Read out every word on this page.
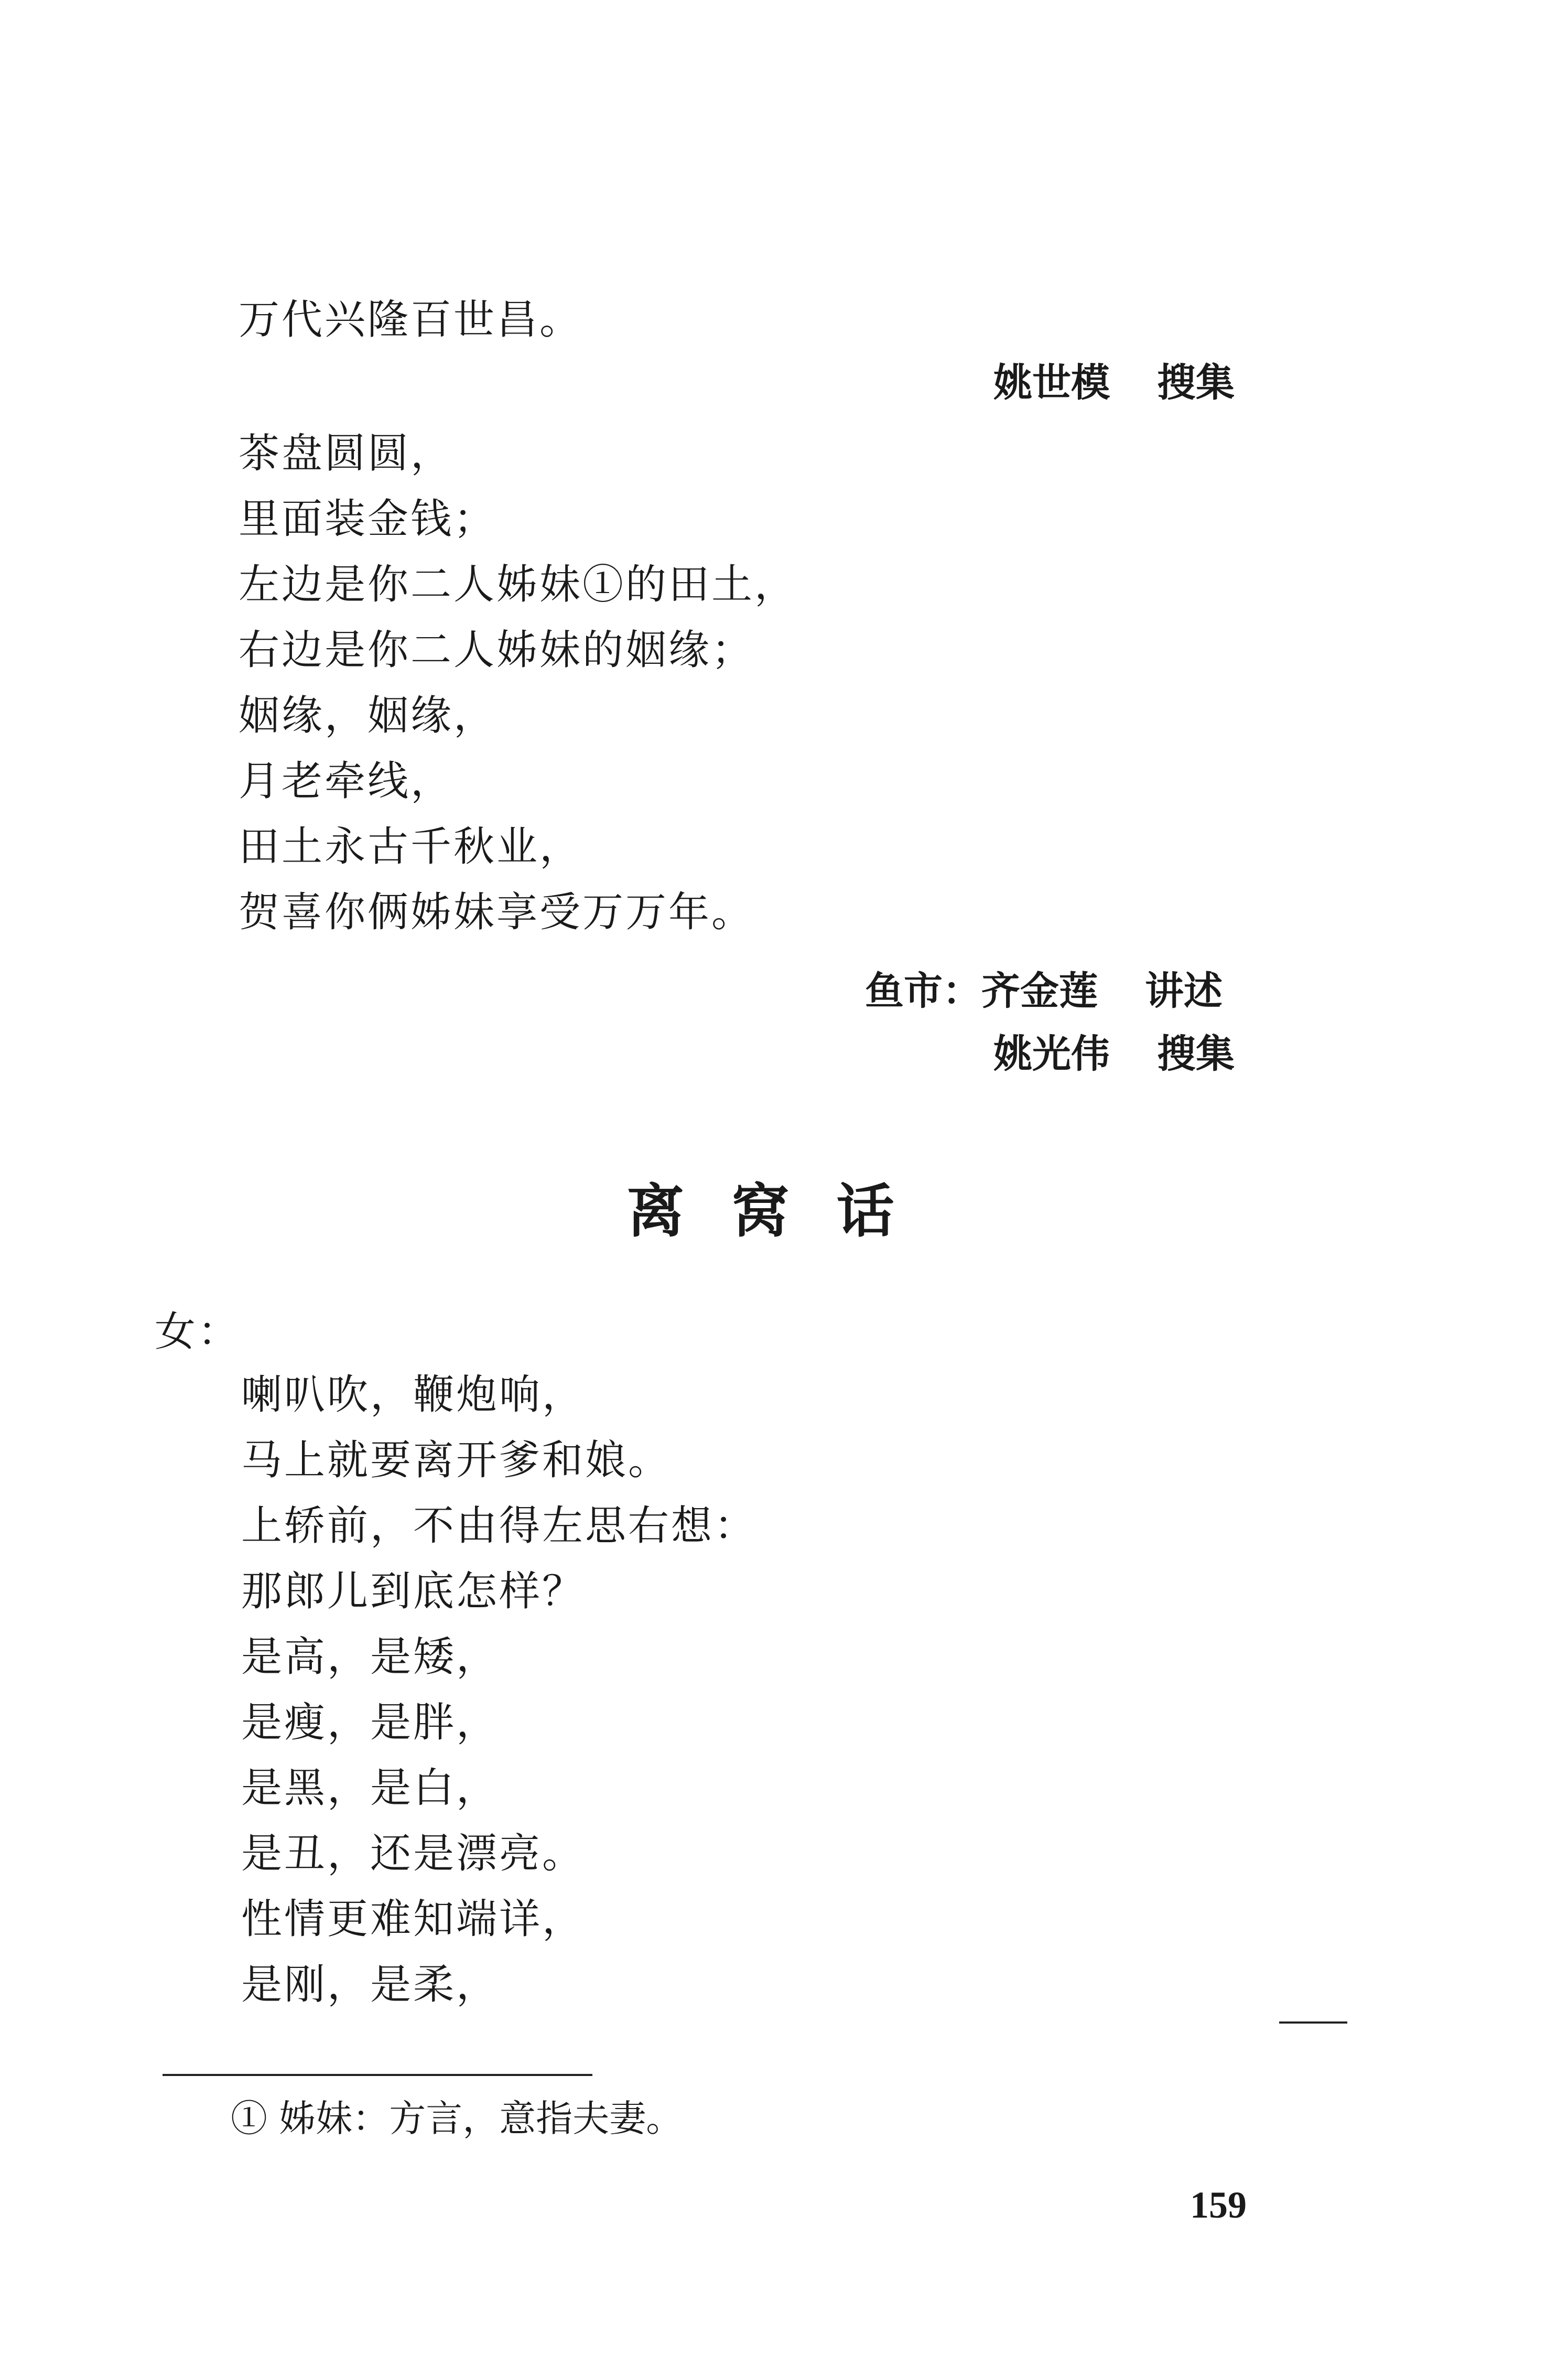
万代兴隆百世昌。
姚世模 搜集
茶盘圆圆，
里面装金钱；
左边是你二人姊妹①的田土，
右边是你二人姊妹的姻缘；
姻缘，姻缘，
月老牵线，
田土永古千秋业，
贺喜你俩姊妹享受万万年。
鱼市：齐金莲 讲述
姚光伟 搜集
离窝话
女：
喇叭吹，鞭炮响，
马上就要离开爹和娘。
上轿前，不由得左思右想：
那郎儿到底怎样？
是高，是矮，
是瘦，是胖，
是黑，是白，
是丑，还是漂亮。
性情更难知端详，
是刚，是柔，
① 姊妹：方言，意指夫妻。
159
